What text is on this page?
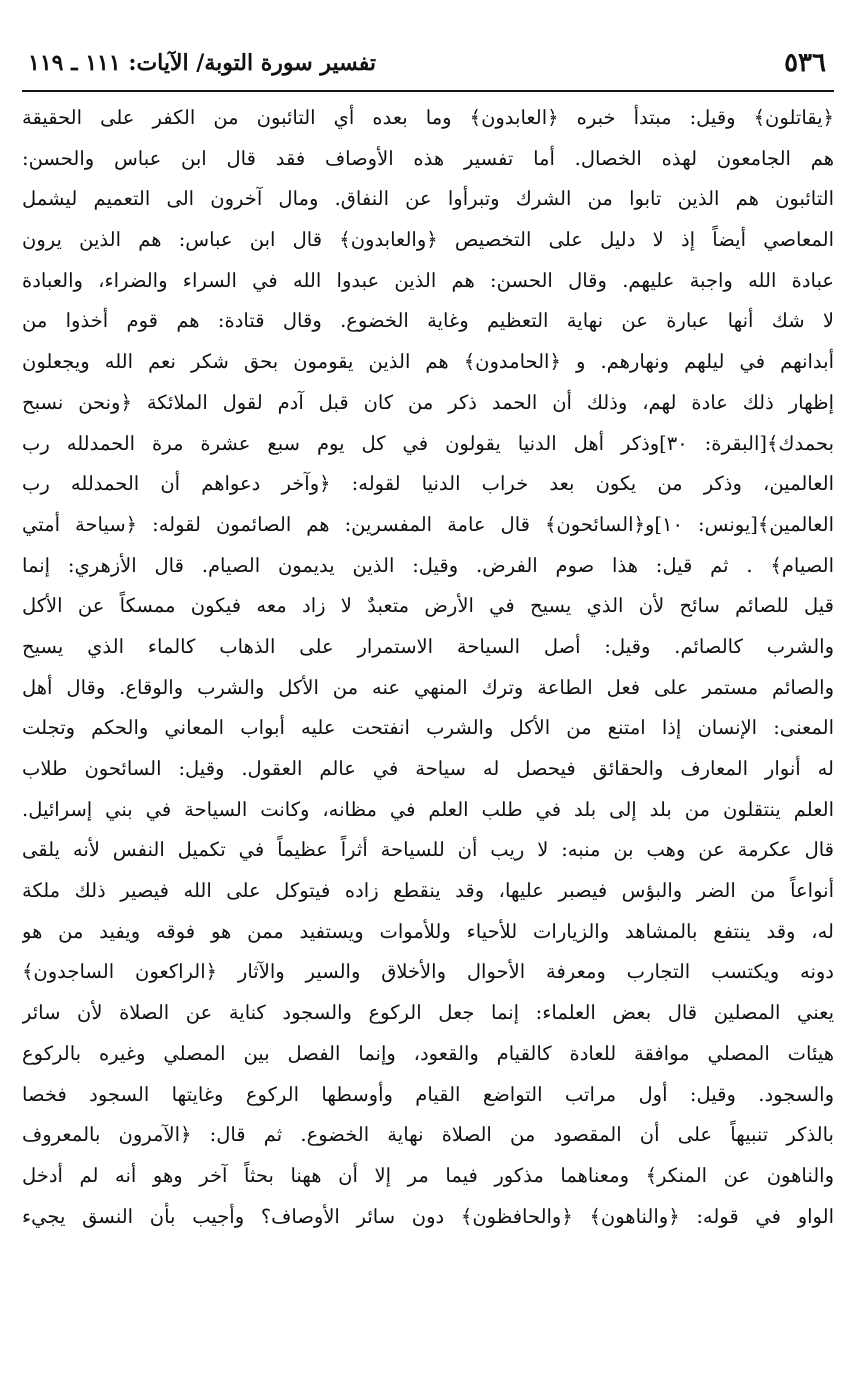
٥٣٦
تفسير سورة التوبة/ الآيات: ١١١ ـ ١١٩
﴿يقاتلون﴾ وقيل: مبتدأ خبره ﴿العابدون﴾ وما بعده أي التائبون من الكفر على الحقيقة
هم الجامعون لهذه الخصال. أما تفسير هذه الأوصاف فقد قال ابن عباس والحسن:
التائبون هم الذين تابوا من الشرك وتبرأوا عن النفاق. ومال آخرون الى التعميم ليشمل
المعاصي أيضاً إذ لا دليل على التخصيص ﴿والعابدون﴾ قال ابن عباس: هم الذين يرون
عبادة الله واجبة عليهم. وقال الحسن: هم الذين عبدوا الله في السراء والضراء، والعبادة
لا شك أنها عبارة عن نهاية التعظيم وغاية الخضوع. وقال قتادة: هم قوم أخذوا من
أبدانهم في ليلهم ونهارهم. و ﴿الحامدون﴾ هم الذين يقومون بحق شكر نعم الله ويجعلون
إظهار ذلك عادة لهم، وذلك أن الحمد ذكر من كان قبل آدم لقول الملائكة ﴿ونحن نسبح
بحمدك﴾[البقرة: ٣٠]وذكر أهل الدنيا يقولون في كل يوم سبع عشرة مرة الحمدلله رب
العالمين، وذكر من يكون بعد خراب الدنيا لقوله: ﴿وآخر دعواهم أن الحمدلله رب
العالمين﴾[يونس: ١٠]و﴿السائحون﴾ قال عامة المفسرين: هم الصائمون لقوله: ﴿سياحة أمتي
الصيام﴾ . ثم قيل: هذا صوم الفرض. وقيل: الذين يديمون الصيام. قال الأزهري: إنما
قيل للصائم سائح لأن الذي يسيح في الأرض متعبدٌ لا زاد معه فيكون ممسكاً عن الأكل
والشرب كالصائم. وقيل: أصل السياحة الاستمرار على الذهاب كالماء الذي يسيح
والصائم مستمر على فعل الطاعة وترك المنهي عنه من الأكل والشرب والوقاع. وقال أهل
المعنى: الإنسان إذا امتنع من الأكل والشرب انفتحت عليه أبواب المعاني والحكم وتجلت
له أنوار المعارف والحقائق فيحصل له سياحة في عالم العقول. وقيل: السائحون طلاب
العلم ينتقلون من بلد إلى بلد في طلب العلم في مظانه، وكانت السياحة في بني إسرائيل.
قال عكرمة عن وهب بن منبه: لا ريب أن للسياحة أثراً عظيماً في تكميل النفس لأنه يلقى
أنواعاً من الضر والبؤس فيصبر عليها، وقد ينقطع زاده فيتوكل على الله فيصير ذلك ملكة
له، وقد ينتفع بالمشاهد والزيارات للأحياء وللأموات ويستفيد ممن هو فوقه ويفيد من هو
دونه ويكتسب التجارب ومعرفة الأحوال والأخلاق والسير والآثار ﴿الراكعون الساجدون﴾
يعني المصلين قال بعض العلماء: إنما جعل الركوع والسجود كناية عن الصلاة لأن سائر
هيئات المصلي موافقة للعادة كالقيام والقعود، وإنما الفصل بين المصلي وغيره بالركوع
والسجود. وقيل: أول مراتب التواضع القيام وأوسطها الركوع وغايتها السجود فخصا
بالذكر تنبيهاً على أن المقصود من الصلاة نهاية الخضوع. ثم قال: ﴿الآمرون بالمعروف
والناهون عن المنكر﴾ ومعناهما مذكور فيما مر إلا أن ههنا بحثاً آخر وهو أنه لم أدخل
الواو في قوله: ﴿والناهون﴾ ﴿والحافظون﴾ دون سائر الأوصاف؟ وأجيب بأن النسق يجيء
